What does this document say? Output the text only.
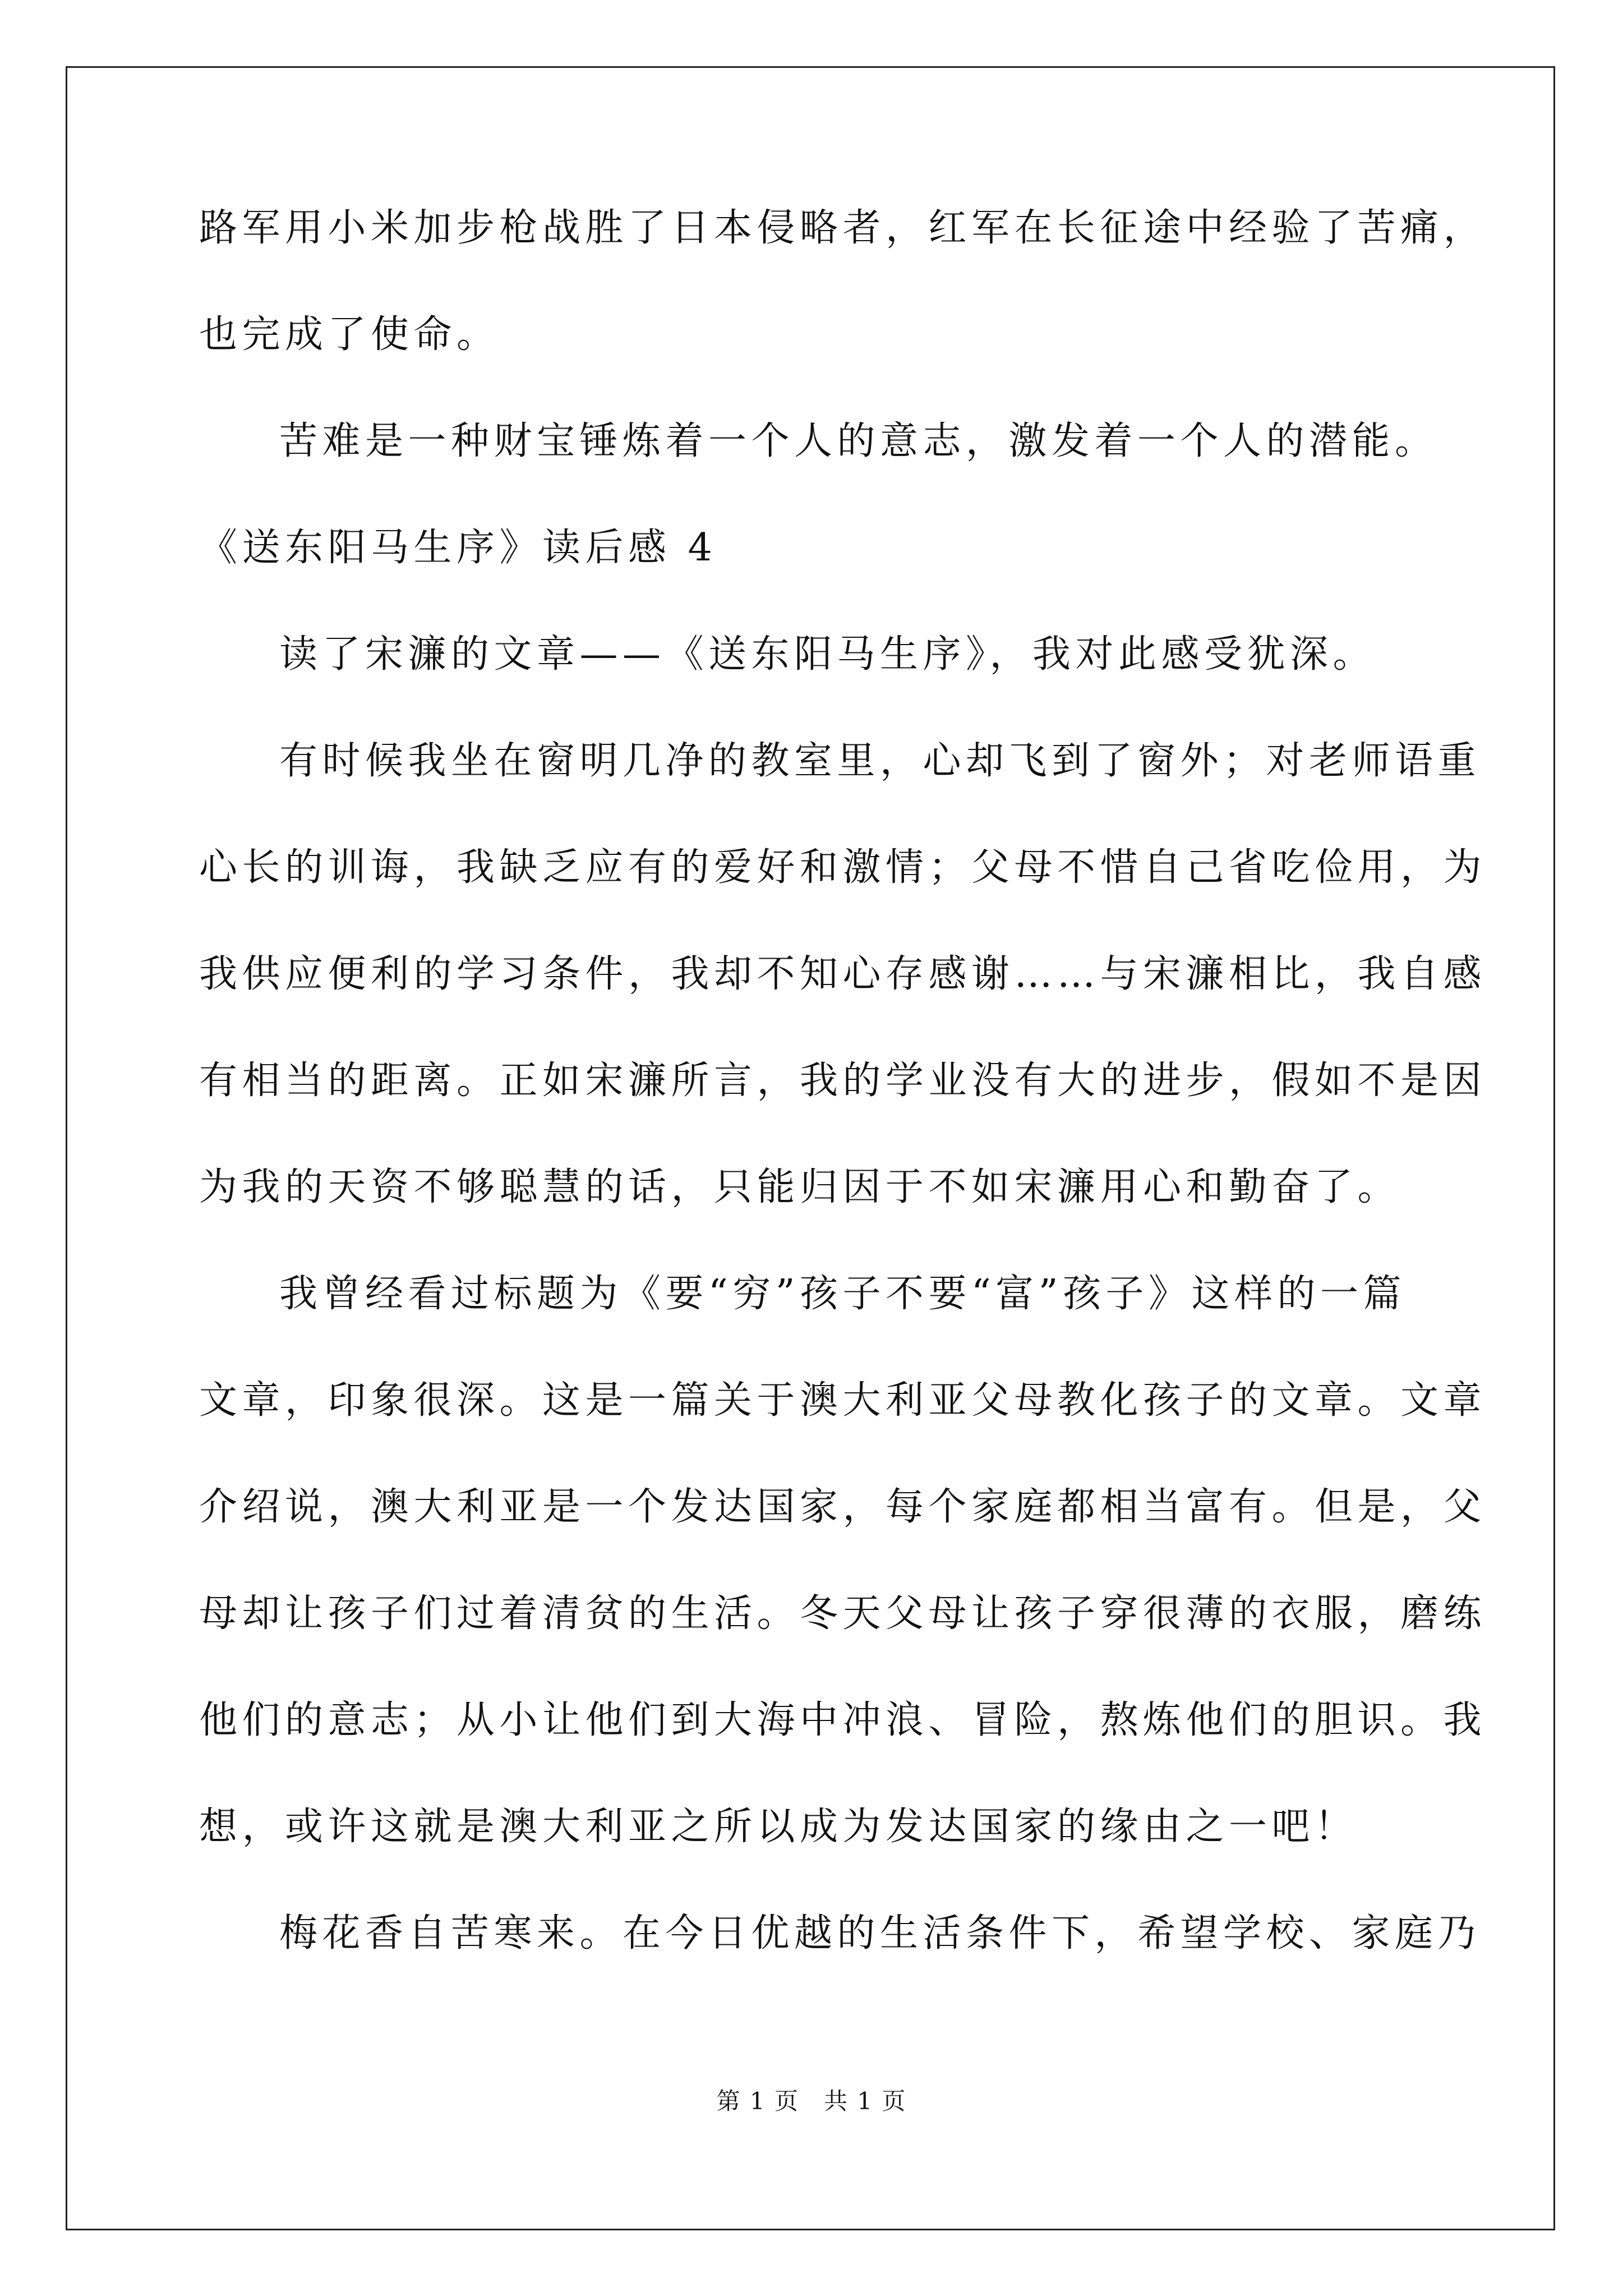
路军用小米加步枪战胜了日本侵略者，红军在长征途中经验了苦痛，
也完成了使命。
苦难是一种财宝锤炼着一个人的意志，激发着一个人的潜能。
《送东阳马生序》读后感 4
读了宋濂的文章——《送东阳马生序》，我对此感受犹深。
有时候我坐在窗明几净的教室里，心却飞到了窗外；对老师语重
心长的训诲，我缺乏应有的爱好和激情；父母不惜自己省吃俭用，为
我供应便利的学习条件，我却不知心存感谢……与宋濂相比，我自感
有相当的距离。正如宋濂所言，我的学业没有大的进步，假如不是因
为我的天资不够聪慧的话，只能归因于不如宋濂用心和勤奋了。
我曾经看过标题为《要“穷”孩子不要“富”孩子》这样的一篇
文章，印象很深。这是一篇关于澳大利亚父母教化孩子的文章。文章
介绍说，澳大利亚是一个发达国家，每个家庭都相当富有。但是，父
母却让孩子们过着清贫的生活。冬天父母让孩子穿很薄的衣服，磨练
他们的意志；从小让他们到大海中冲浪、冒险，熬炼他们的胆识。我
想，或许这就是澳大利亚之所以成为发达国家的缘由之一吧！
梅花香自苦寒来。在今日优越的生活条件下，希望学校、家庭乃
第 1 页　共 1 页
